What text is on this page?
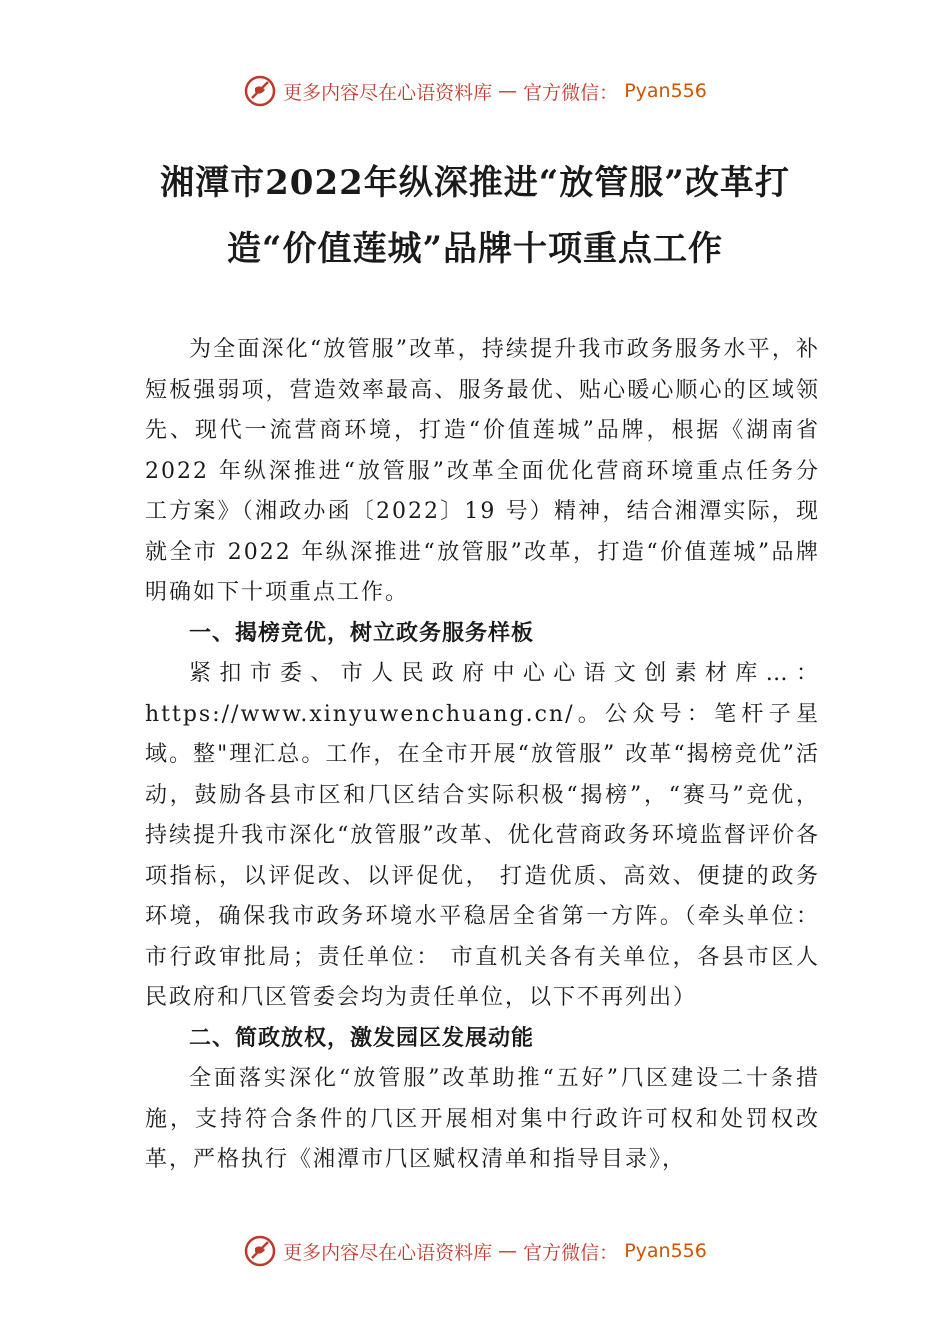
更多内容尽在心语资料库 — 官方微信： Pyan556
湘潭市2022年纵深推进“放管服”改革打
造“价值莲城”品牌十项重点工作

为全面深化“放管服”改革，持续提升我市政务服务水平，补短板强弱项，营造效率最高、服务最优、贴心暖心顺心的区域领先、现代一流营商环境，打造“价值莲城”品牌，根据《湖南省 2022 年纵深推进“放管服”改革全面优化营商环境重点任务分工方案》（湘政办函〔2022〕19 号）精神，结合湘潭实际，现就全市 2022 年纵深推进“放管服”改革，打造“价值莲城”品牌明确如下十项重点工作。

一、揭榜竞优，树立政务服务样板

紧扣市委、市人民政府中心心语文创素材库…：https://www.xinyuwenchuang.cn/。公众号：笔杆子星域。整"理汇总。工作，在全市开展“放管服” 改革“揭榜竞优”活动，鼓励各县市区和⺇区结合实际积极“揭榜”，“赛马”竞优，持续提升我市深化“放管服”改革、优化营商政务环境监督评价各项指标，以评促改、以评促优， 打造优质、高效、便捷的政务环境，确保我市政务环境水平稳居全省第一方阵。（牵头单位：市行政审批局；责任单位： 市直机关各有关单位，各县市区人民政府和⺇区管委会均为责任单位，以下不再列出）

二、简政放权，激发园区发展动能

全面落实深化“放管服”改革助推“五好”⺇区建设二十条措施，支持符合条件的⺇区开展相对集中行政许可权和处罚权改革，严格执行《湘潭市⺇区赋权清单和指导目录》，

更多内容尽在心语资料库 — 官方微信： Pyan556
